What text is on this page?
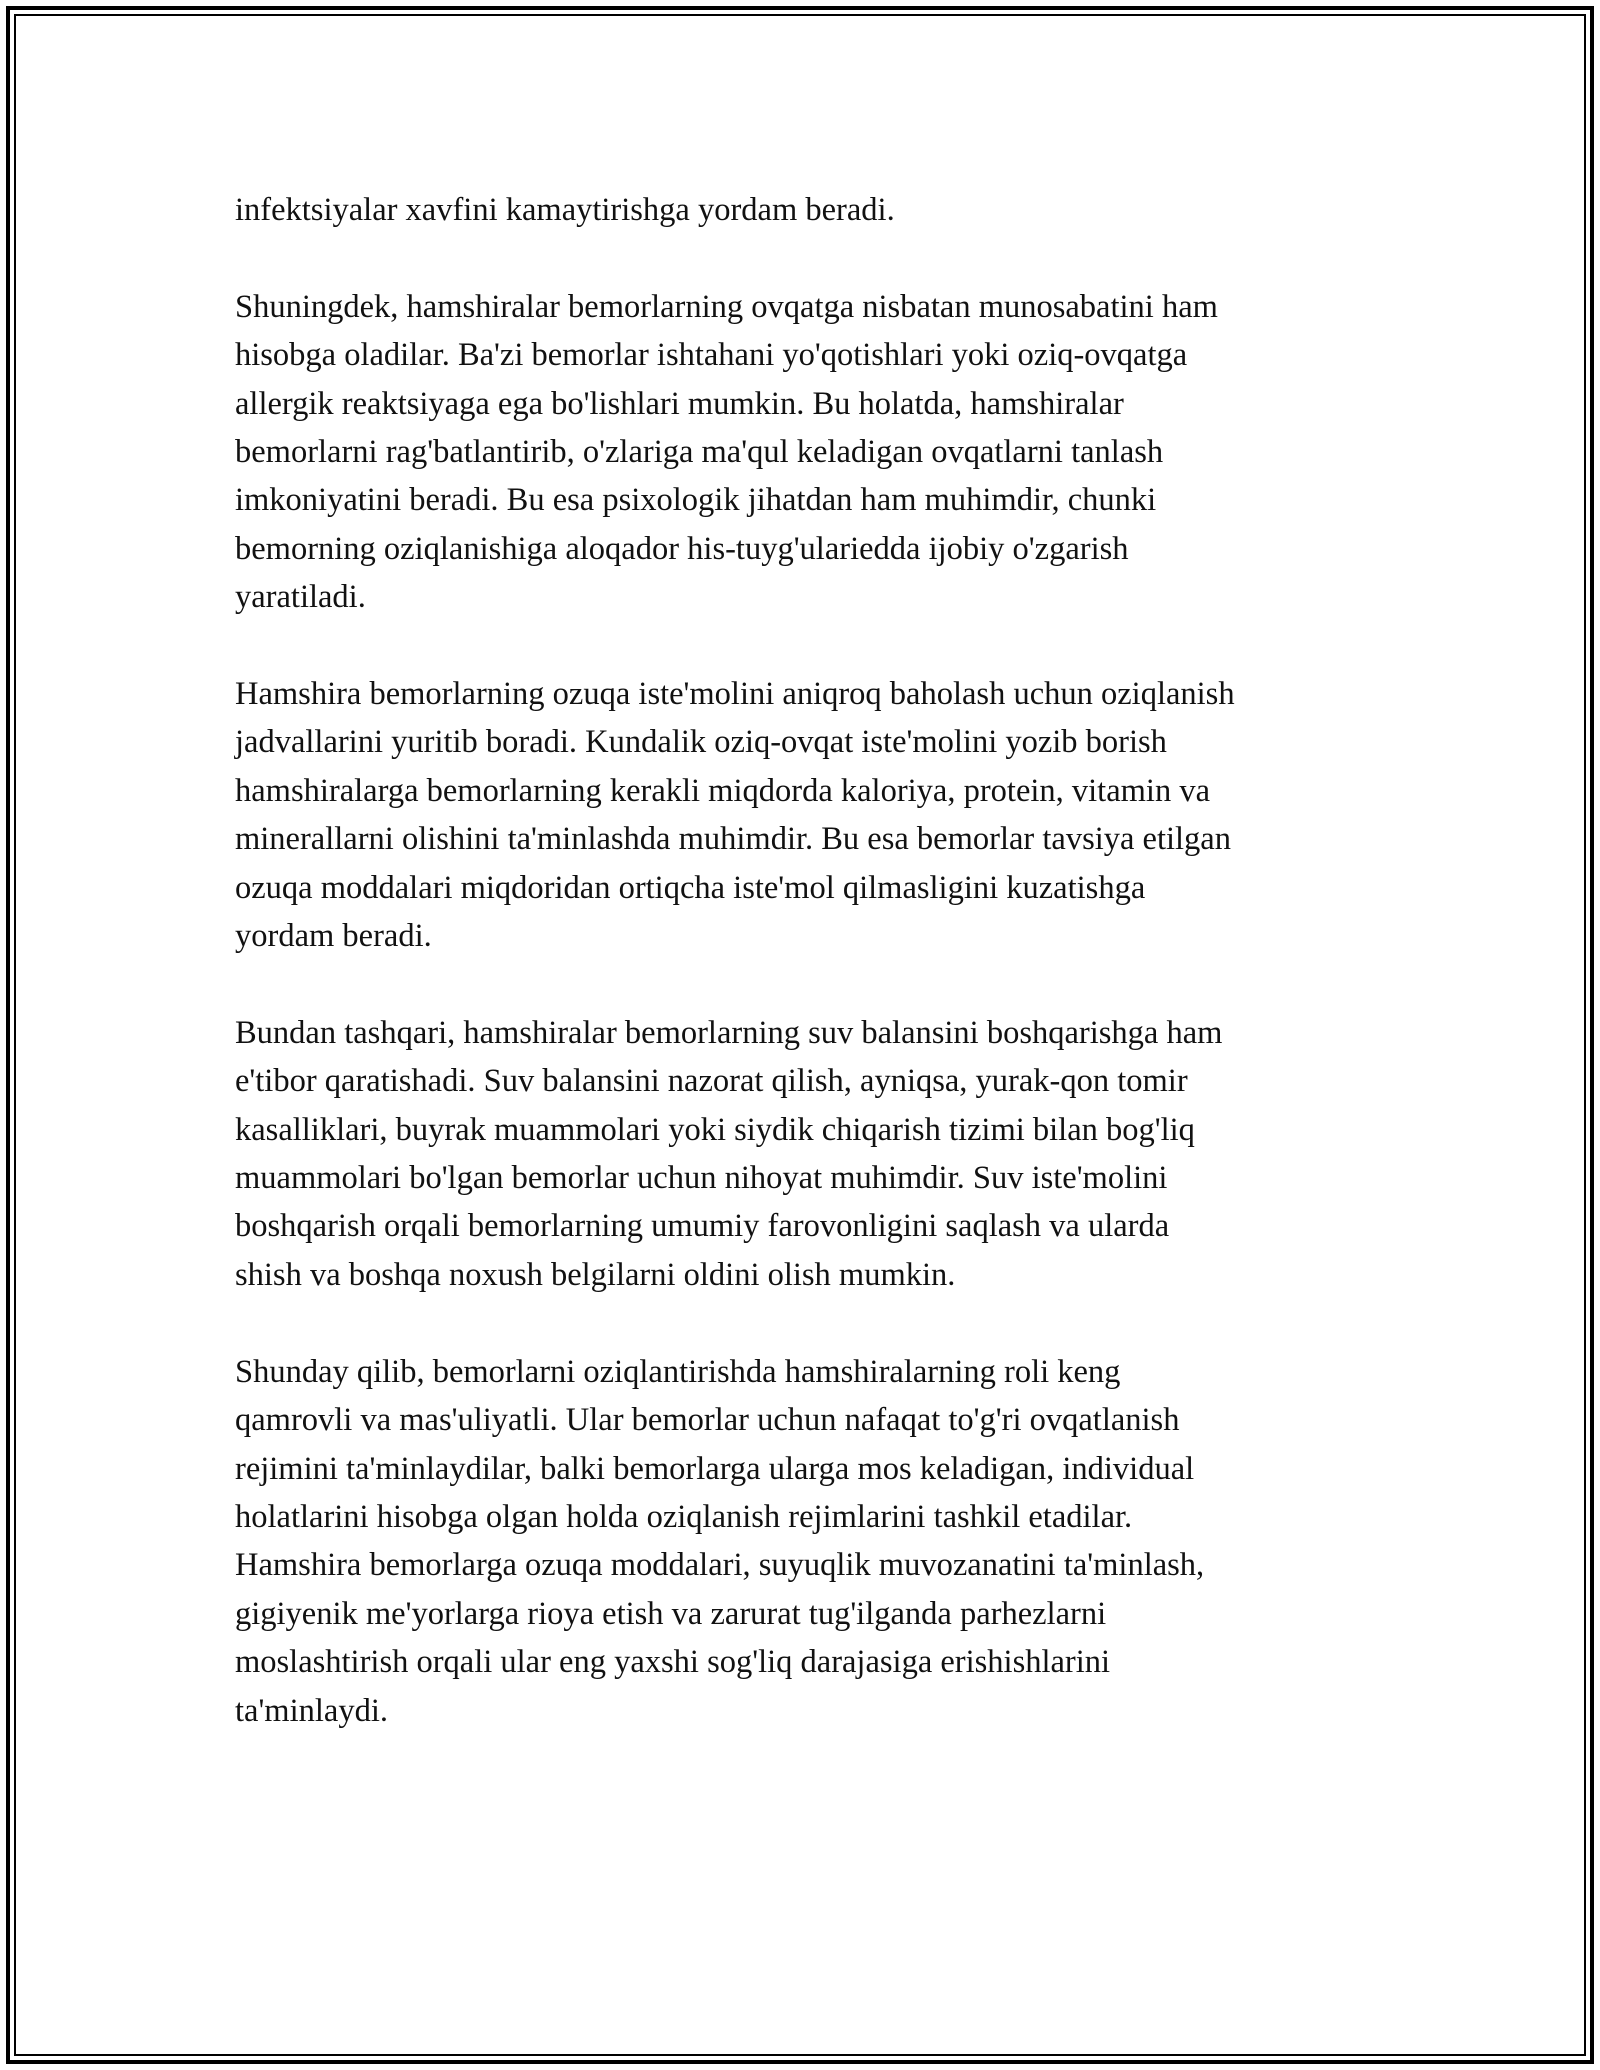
infektsiyalar xavfini kamaytirishga yordam beradi.

Shuningdek, hamshiralar bemorlarning ovqatga nisbatan munosabatini ham
hisobga oladilar. Ba'zi bemorlar ishtahani yo'qotishlari yoki oziq-ovqatga
allergik reaktsiyaga ega bo'lishlari mumkin. Bu holatda, hamshiralar
bemorlarni rag'batlantirib, o'zlariga ma'qul keladigan ovqatlarni tanlash
imkoniyatini beradi. Bu esa psixologik jihatdan ham muhimdir, chunki
bemorning oziqlanishiga aloqador his-tuyg'ulariedda ijobiy o'zgarish
yaratiladi.

Hamshira bemorlarning ozuqa iste'molini aniqroq baholash uchun oziqlanish
jadvallarini yuritib boradi. Kundalik oziq-ovqat iste'molini yozib borish
hamshiralarga bemorlarning kerakli miqdorda kaloriya, protein, vitamin va
minerallarni olishini ta'minlashda muhimdir. Bu esa bemorlar tavsiya etilgan
ozuqa moddalari miqdoridan ortiqcha iste'mol qilmasligini kuzatishga
yordam beradi.

Bundan tashqari, hamshiralar bemorlarning suv balansini boshqarishga ham
e'tibor qaratishadi. Suv balansini nazorat qilish, ayniqsa, yurak-qon tomir
kasalliklari, buyrak muammolari yoki siydik chiqarish tizimi bilan bog'liq
muammolari bo'lgan bemorlar uchun nihoyat muhimdir. Suv iste'molini
boshqarish orqali bemorlarning umumiy farovonligini saqlash va ularda
shish va boshqa noxush belgilarni oldini olish mumkin.

Shunday qilib, bemorlarni oziqlantirishda hamshiralarning roli keng
qamrovli va mas'uliyatli. Ular bemorlar uchun nafaqat to'g'ri ovqatlanish
rejimini ta'minlaydilar, balki bemorlarga ularga mos keladigan, individual
holatlarini hisobga olgan holda oziqlanish rejimlarini tashkil etadilar.
Hamshira bemorlarga ozuqa moddalari, suyuqlik muvozanatini ta'minlash,
gigiyenik me'yorlarga rioya etish va zarurat tug'ilganda parhezlarni
moslashtirish orqali ular eng yaxshi sog'liq darajasiga erishishlarini
ta'minlaydi.
